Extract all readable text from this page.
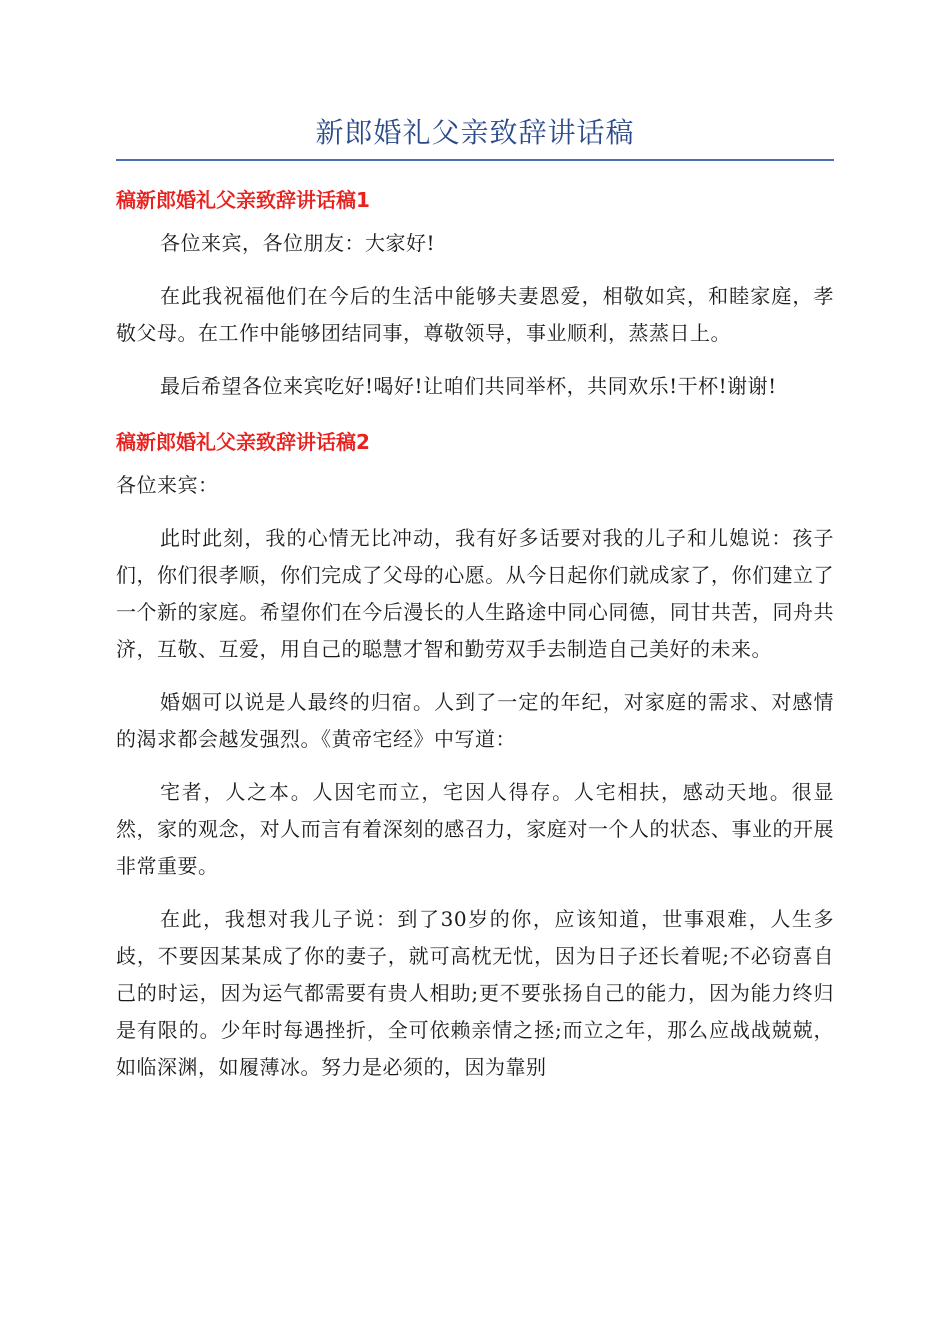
新郎婚礼父亲致辞讲话稿
稿新郎婚礼父亲致辞讲话稿1

各位来宾，各位朋友：大家好!

在此我祝福他们在今后的生活中能够夫妻恩爱，相敬如宾，和睦家庭，孝敬父母。在工作中能够团结同事，尊敬领导，事业顺利，蒸蒸日上。

最后希望各位来宾吃好!喝好!让咱们共同举杯，共同欢乐!干杯!谢谢!

稿新郎婚礼父亲致辞讲话稿2

各位来宾：

此时此刻，我的心情无比冲动，我有好多话要对我的儿子和儿媳说：孩子们，你们很孝顺，你们完成了父母的心愿。从今日起你们就成家了，你们建立了一个新的家庭。希望你们在今后漫长的人生路途中同心同德，同甘共苦，同舟共济，互敬、互爱，用自己的聪慧才智和勤劳双手去制造自己美好的未来。

婚姻可以说是人最终的归宿。人到了一定的年纪，对家庭的需求、对感情的渴求都会越发强烈。《黄帝宅经》中写道：

宅者，人之本。人因宅而立，宅因人得存。人宅相扶，感动天地。很显然，家的观念，对人而言有着深刻的感召力，家庭对一个人的状态、事业的开展非常重要。

在此，我想对我儿子说：到了30岁的你，应该知道，世事艰难，人生多歧，不要因某某成了你的妻子，就可高枕无忧，因为日子还长着呢;不必窃喜自己的时运，因为运气都需要有贵人相助;更不要张扬自己的能力，因为能力终归是有限的。少年时每遇挫折，全可依赖亲情之拯;而立之年，那么应战战兢兢，如临深渊，如履薄冰。努力是必须的，因为靠别
